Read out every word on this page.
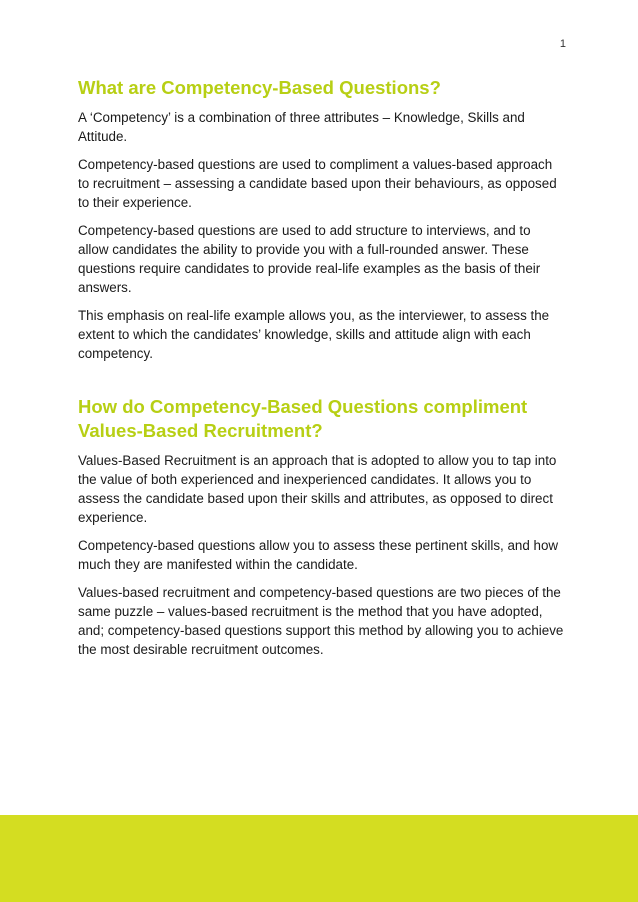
1
What are Competency-Based Questions?

A ‘Competency’ is a combination of three attributes – Knowledge, Skills and Attitude.

Competency-based questions are used to compliment a values-based approach to recruitment – assessing a candidate based upon their behaviours, as opposed to their experience.

Competency-based questions are used to add structure to interviews, and to allow candidates the ability to provide you with a full-rounded answer. These questions require candidates to provide real-life examples as the basis of their answers.

This emphasis on real-life example allows you, as the interviewer, to assess the extent to which the candidates’ knowledge, skills and attitude align with each competency.

How do Competency-Based Questions compliment Values-Based Recruitment?

Values-Based Recruitment is an approach that is adopted to allow you to tap into the value of both experienced and inexperienced candidates. It allows you to assess the candidate based upon their skills and attributes, as opposed to direct experience.

Competency-based questions allow you to assess these pertinent skills, and how much they are manifested within the candidate.

Values-based recruitment and competency-based questions are two pieces of the same puzzle – values-based recruitment is the method that you have adopted, and; competency-based questions support this method by allowing you to achieve the most desirable recruitment outcomes.
